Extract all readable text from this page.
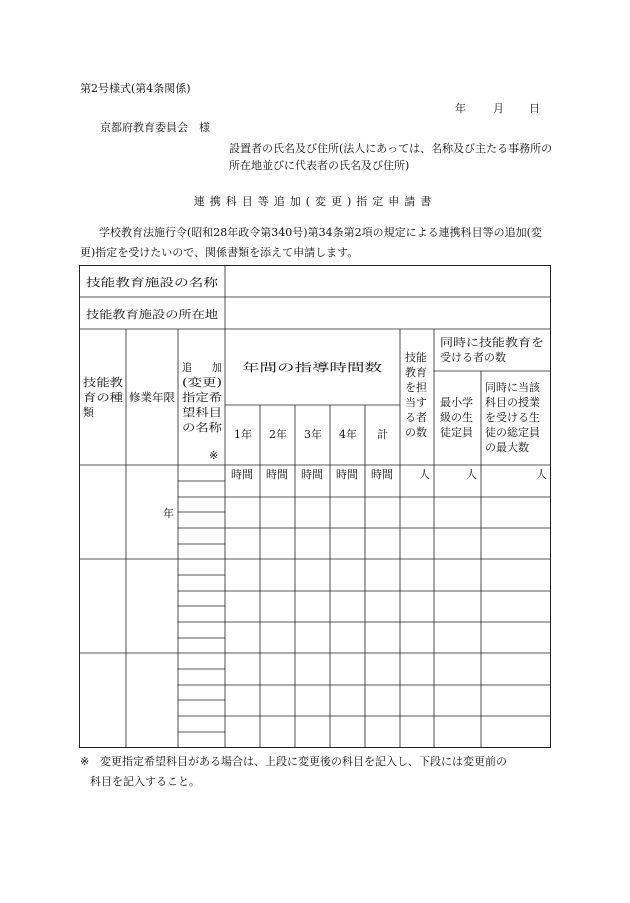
第2号様式(第4条関係)
年 月 日
京都府教育委員会　様
設置者の氏名及び住所(法人にあっては、名称及び主たる事務所の所在地並びに代表者の氏名及び住所)
連携科目等追加(変更)指定申請書
学校教育法施行令(昭和28年政令第340号)第34条第2項の規定による連携科目等の追加(変更)指定を受けたいので、関係書類を添えて申請します。
技能教育施設の名称
技能教育施設の所在地
技能教
育の種
類
修業年限
追　　加
(変更)
指定希
望科目
の名称
※
年間の指導時間数
1年 2年 3年 4年 計
技能
教育
を担
当す
る者
の数
同時に技能教育を
受ける者の数
最小学
級の生
徒定員
同時に当該
科目の授業
を受ける生
徒の総定員
の最大数
時間 時間 時間 時間 時間 人	人	人
年
※ 変更指定希望科目がある場合は、上段に変更後の科目を記入し、下段には変更前の
科目を記入すること。
